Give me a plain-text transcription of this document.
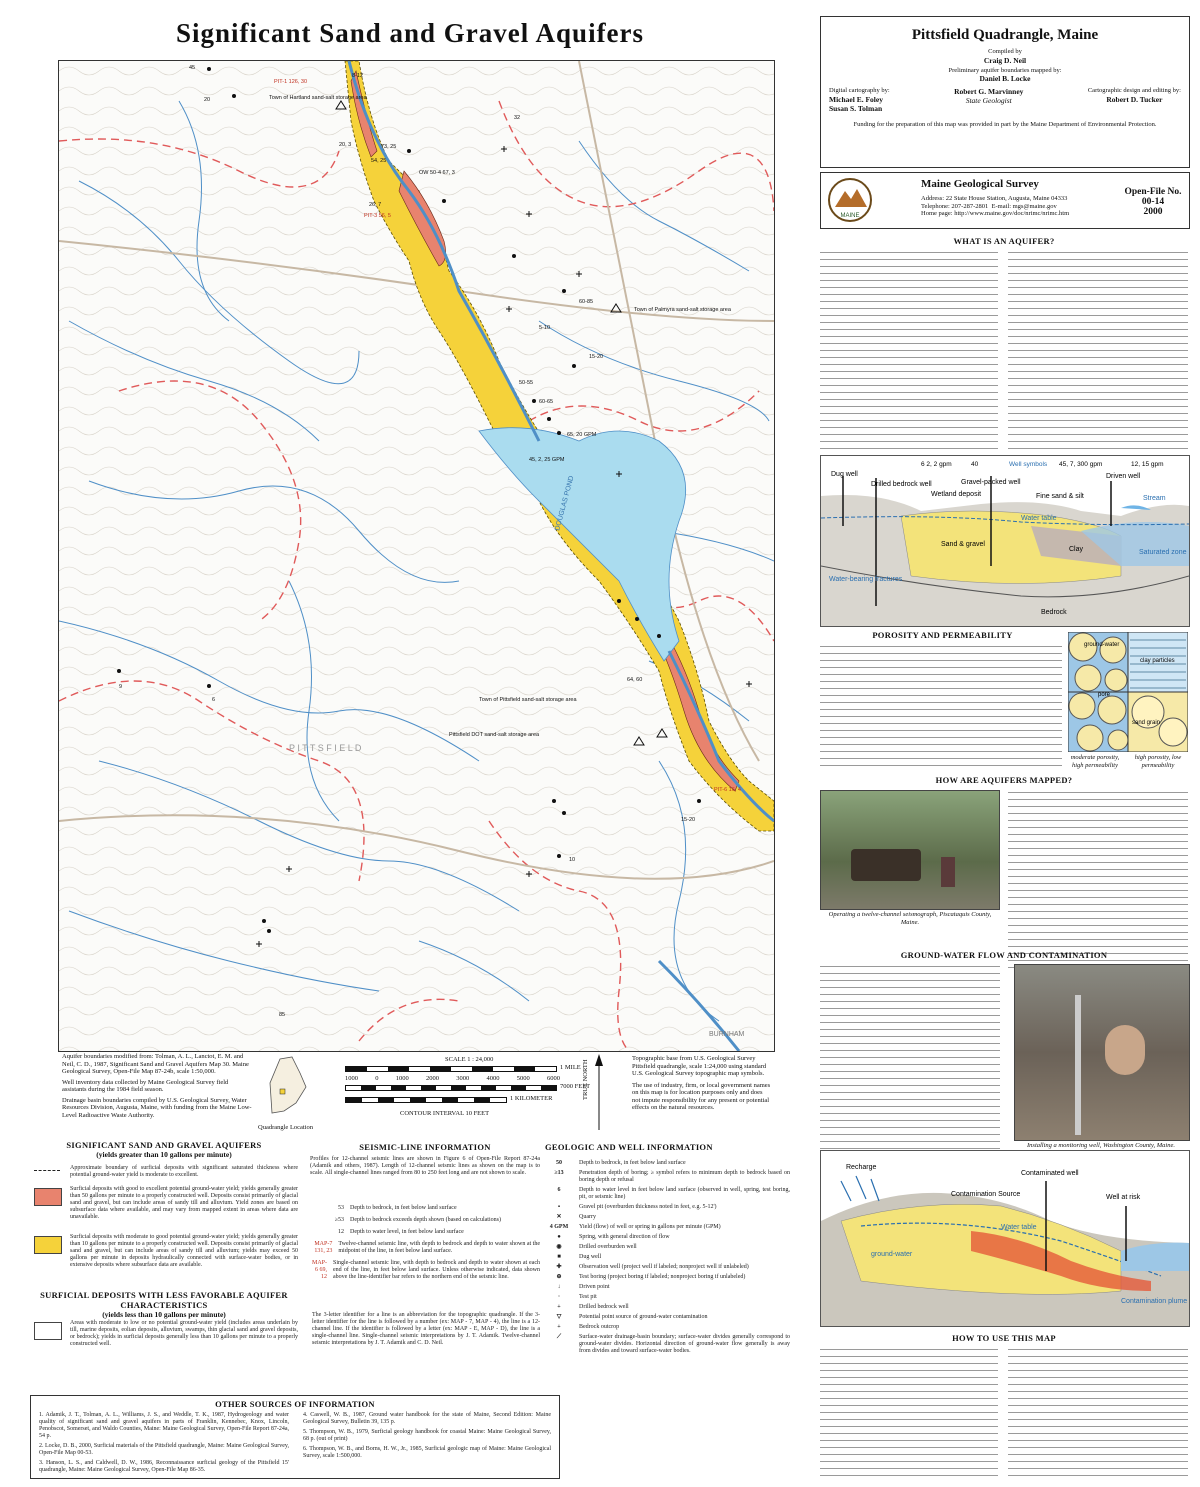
Significant Sand and Gravel Aquifers
Town of Hartland sand-salt storage area
Town of Palmyra sand-salt storage area
Town of Pittsfield sand-salt storage area
Pittsfield DOT sand-salt storage area
DOUGLAS POND
P I T T S F I E L D
BURNHAM
PIT-1 126, 30
PIT-3 56, 5
PIT-6 16, 4
OW 50-4 67, 3
65, 20 GPM
45, 2, 25 GPM
45
20
32
20, 3	73, 25
54, 25
26, 7
60-85
5-10
50-55
60-65
15-20
64, 60
15-20
10
85
8-12
9
6
Aquifer boundaries modified from: Tolman, A. L., Lanctot, E. M. and Neil, C. D., 1987, Significant Sand and Gravel Aquifers Map 30. Maine Geological Survey, Open-File Map 87-24b, scale 1:50,000.
Well inventory data collected by Maine Geological Survey field assistants during the 1984 field season.
Drainage basin boundaries compiled by U.S. Geological Survey, Water Resources Division, Augusta, Maine, with funding from the Maine Low-Level Radioactive Waste Authority.
Quadrangle Location
SCALE 1 : 24,000
1 MILE
1000	0	1000	2000	3000	4000	5000	6000
7000 FEET
1 KILOMETER
CONTOUR INTERVAL 10 FEET
TRUE NORTH
Topographic base from U.S. Geological Survey Pittsfield quadrangle, scale 1:24,000 using standard U.S. Geological Survey topographic map symbols.
The use of industry, firm, or local government names on this map is for location purposes only and does not impute responsibility for any present or potential effects on the natural resources.
SIGNIFICANT SAND AND GRAVEL AQUIFERS
(yields greater than 10 gallons per minute)
Approximate boundary of surficial deposits with significant saturated thickness where potential ground-water yield is moderate to excellent.
Surficial deposits with good to excellent potential ground-water yield; yields generally greater than 50 gallons per minute to a properly constructed well. Deposits consist primarily of glacial sand and gravel, but can include areas of sandy till and alluvium. Yield zones are based on subsurface data where available, and may vary from mapped extent in areas where data are unavailable.
Surficial deposits with moderate to good potential ground-water yield; yields generally greater than 10 gallons per minute to a properly constructed well. Deposits consist primarily of glacial sand and gravel, but can include areas of sandy till and alluvium; yields may exceed 50 gallons per minute in deposits hydraulically connected with surface-water bodies, or in extensive deposits where subsurface data are available.
SURFICIAL DEPOSITS WITH LESS FAVORABLE AQUIFER CHARACTERISTICS
(yields less than 10 gallons per minute)
Areas with moderate to low or no potential ground-water yield (includes areas underlain by till, marine deposits, eolian deposits, alluvium, swamps, thin glacial sand and gravel deposits, or bedrock); yields in surficial deposits generally less than 10 gallons per minute to a properly constructed well.
SEISMIC-LINE INFORMATION
Profiles for 12-channel seismic lines are shown in Figure 6 of Open-File Report 87-24a (Adamik and others, 1987). Length of 12-channel seismic lines as shown on the map is to scale. All single-channel lines ranged from 80 to 250 feet long and are not shown to scale.
53 Depth to bedrock, in feet below land surface
≥53 Depth to bedrock exceeds depth shown (based on calculations)
12 Depth to water level, in feet below land surface
MAP-7 131, 23
Twelve-channel seismic line, with depth to bedrock and depth to water shown at the midpoint of the line, in feet below land surface.
MAP-6 69, 12
Single-channel seismic line, with depth to bedrock and depth to water shown at each end of the line, in feet below land surface. Unless otherwise indicated, data shown above the line-identifier bar refers to the northern end of the seismic line.
The 3-letter identifier for a line is an abbreviation for the topographic quadrangle. If the 3-letter identifier for the line is followed by a number (ex: MAP - 7, MAP - 4), the line is a 12-channel line. If the identifier is followed by a letter (ex: MAP - E, MAP - D), the line is a single-channel line. Single-channel seismic interpretations by J. T. Adamik. Twelve-channel seismic interpretations by J. T. Adamik and C. D. Neil.
GEOLOGIC AND WELL INFORMATION
50	Depth to bedrock, in feet below land surface
≥13	Penetration depth of boring; ≥ symbol refers to minimum depth to bedrock based on boring depth or refusal
6	Depth to water level in feet below land surface (observed in well, spring, test boring, pit, or seismic line)
▪	Gravel pit (overburden thickness noted in feet, e.g. 5-12')
✕	Quarry
4 GPM	Yield (flow) of well or spring in gallons per minute (GPM)
●	Spring, with general direction of flow
◉	Drilled overburden well
■	Dug well
✚	Observation well (project well if labeled; nonproject well if unlabeled)
⊕	Test boring (project boring if labeled; nonproject boring if unlabeled)
↓	Driven point
·	Test pit
+	Drilled bedrock well
▽	Potential point source of ground-water contamination
+	Bedrock outcrop
⟋	Surface-water drainage-basin boundary; surface-water divides generally correspond to ground-water divides. Horizontal direction of ground-water flow generally is away from divides and toward surface-water bodies.
OTHER SOURCES OF INFORMATION
1. Adamik, J. T., Tolman, A. L., Williams, J. S., and Weddle, T. K., 1987, Hydrogeology and water quality of significant sand and gravel aquifers in parts of Franklin, Kennebec, Knox, Lincoln, Penobscot, Somerset, and Waldo Counties, Maine: Maine Geological Survey, Open-File Report 87-24a, 54 p.
2. Locke, D. B., 2000, Surficial materials of the Pittsfield quadrangle, Maine: Maine Geological Survey, Open-File Map 00-53.
3. Hanson, L. S., and Caldwell, D. W., 1986, Reconnaissance surficial geology of the Pittsfield 15' quadrangle, Maine: Maine Geological Survey, Open-File Map 86-35.
4. Caswell, W. B., 1987, Ground water handbook for the state of Maine, Second Edition: Maine Geological Survey, Bulletin 39, 135 p.
5. Thompson, W. B., 1979, Surficial geology handbook for coastal Maine: Maine Geological Survey, 68 p. (out of print)
6. Thompson, W. B., and Borns, H. W., Jr., 1985, Surficial geologic map of Maine: Maine Geological Survey, scale 1:500,000.
Pittsfield Quadrangle, Maine
Compiled by
Craig D. Neil
Preliminary aquifer boundaries mapped by:
Daniel B. Locke
Digital cartography by:
Michael E. Foley
Susan S. Tolman
Robert G. Marvinney
State Geologist
Cartographic design and editing by:
Robert D. Tucker
Funding for the preparation of this map was provided in part by the Maine Department of Environmental Protection.
MAINE
Maine Geological Survey
Address: 22 State House Station, Augusta, Maine 04333
Telephone: 207-287-2801 E-mail: mgs@maine.gov
Home page: http://www.maine.gov/doc/nrimc/nrimc.htm
Open-File No. 00-14
2000
WHAT IS AN AQUIFER?
6 2, 2 gpm	40	Well symbols 45, 7, 300 gpm	12, 15 gpm
Dug well
Drilled bedrock well	Gravel-packed well
Wetland deposit	Fine sand & silt
Driven well
Stream
Water table
Sand & gravel
Clay	Saturated zone
Water-bearing fractures
Bedrock
POROSITY AND PERMEABILITY
ground-water
clay particles
pore
sand grain
moderate porosity, high permeability
high porosity, low permeability
HOW ARE AQUIFERS MAPPED?
Operating a twelve-channel seismograph, Piscataquis County, Maine.
GROUND-WATER FLOW AND CONTAMINATION
Installing a monitoring well, Washington County, Maine.
Recharge
Contaminated well
Contamination Source	Well at risk
Water table
ground-water
Contamination plume
HOW TO USE THIS MAP
